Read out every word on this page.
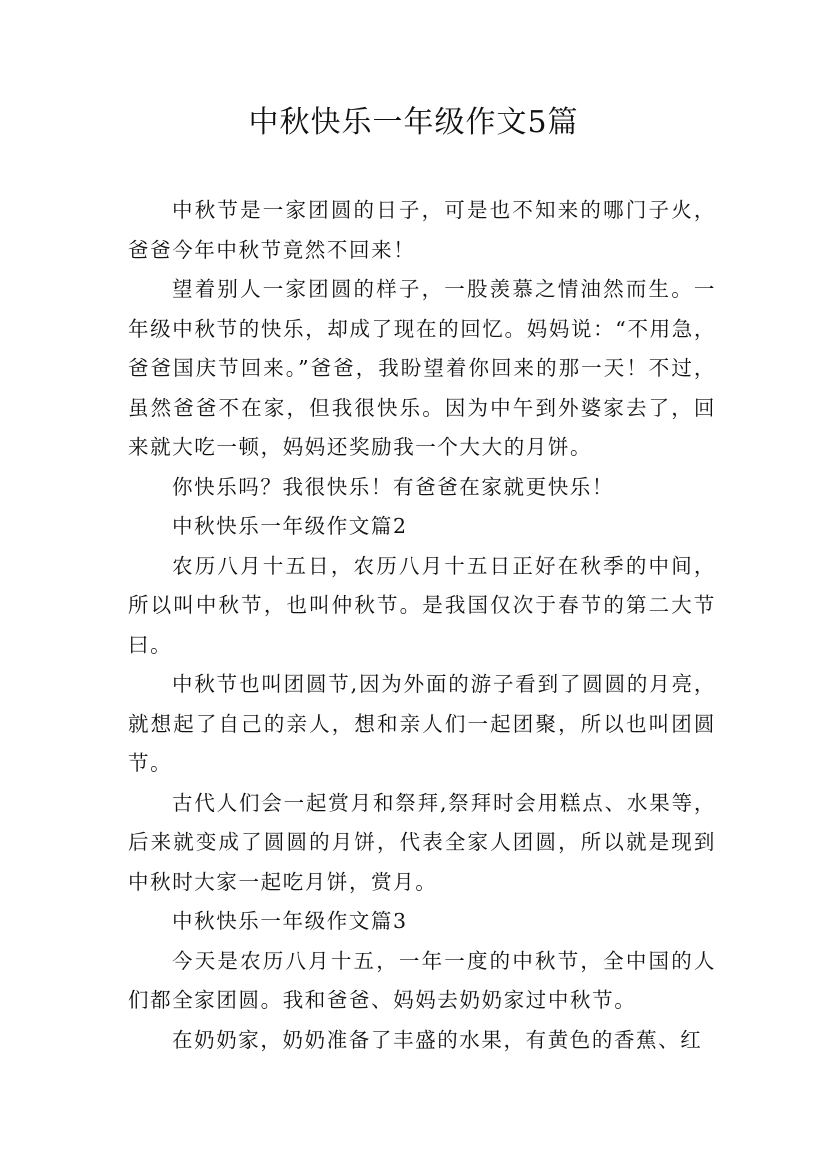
中秋快乐一年级作文5篇

中秋节是一家团圆的日子，可是也不知来的哪门子火，爸爸今年中秋节竟然不回来！

望着别人一家团圆的样子，一股羡慕之情油然而生。一年级中秋节的快乐，却成了现在的回忆。妈妈说：“不用急，爸爸国庆节回来。”爸爸，我盼望着你回来的那一天！不过，虽然爸爸不在家，但我很快乐。因为中午到外婆家去了，回来就大吃一顿，妈妈还奖励我一个大大的月饼。

你快乐吗？我很快乐！有爸爸在家就更快乐！

中秋快乐一年级作文篇2

农历八月十五日，农历八月十五日正好在秋季的中间，所以叫中秋节，也叫仲秋节。是我国仅次于春节的第二大节曰。

中秋节也叫团圆节,因为外面的游子看到了圆圆的月亮，就想起了自己的亲人，想和亲人们一起团聚，所以也叫团圆节。

古代人们会一起赏月和祭拜,祭拜时会用糕点、水果等，后来就变成了圆圆的月饼，代表全家人团圆，所以就是现到中秋时大家一起吃月饼，赏月。

中秋快乐一年级作文篇3

今天是农历八月十五，一年一度的中秋节，全中国的人们都全家团圆。我和爸爸、妈妈去奶奶家过中秋节。

在奶奶家，奶奶准备了丰盛的水果，有黄色的香蕉、红
